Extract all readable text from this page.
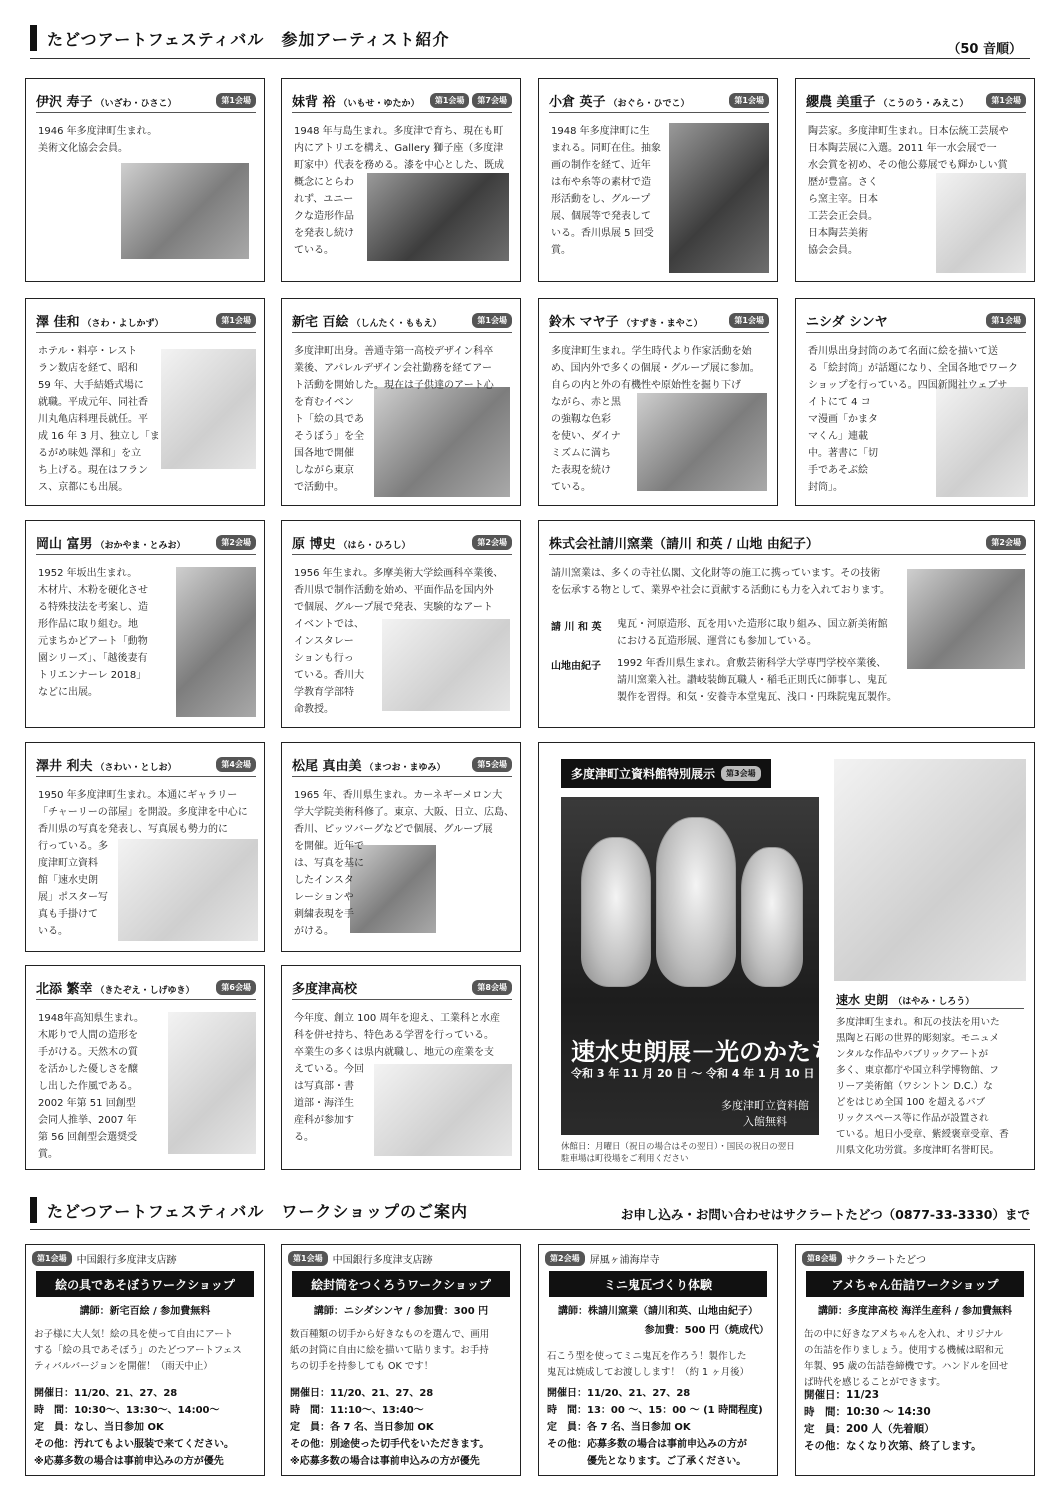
たどつアートフェスティバル　参加アーティスト紹介
（50 音順）
伊沢 寿子 （いざわ・ひさこ）	第1会場
1946 年多度津町生まれ。
美術文化協会会員。
妹背 裕 （いもせ・ゆたか）	第1会場	第7会場
1948 年与島生まれ。多度津で育ち、現在も町
内にアトリエを構え、Gallery 獅子座（多度津
町家中）代表を務める。漆を中心とした、既成
概念にとらわ
れず、ユニー
クな造形作品
を発表し続け
ている。
小倉 英子 （おぐら・ひでこ）	第1会場
1948 年多度津町に生
まれる。同町在住。抽象
画の制作を経て、近年
は布や糸等の素材で造
形活動をし、グループ
展、個展等で発表して
いる。香川県展 5 回受
賞。
纓農 美重子 （こうのう・みえこ）	第1会場
陶芸家。多度津町生まれ。日本伝統工芸展や
日本陶芸展に入選。2011 年一水会展で一
水会賞を初め、その他公募展でも輝かしい賞
歴が豊富。さく
ら窯主宰。日本
工芸会正会員。
日本陶芸美術
協会会員。
澤 佳和 （さわ・よしかず）	第1会場
ホテル・料亭・レスト
ラン数店を経て、昭和
59 年、大手結婚式場に
就職。平成元年、同社香
川丸亀店料理長就任。平
成 16 年 3 月、独立し「ま
るがめ味処 澤和」を立
ち上げる。現在はフラン
ス、京都にも出展。
新宅 百絵 （しんたく・ももえ）	第1会場
多度津町出身。善通寺第一高校デザイン科卒
業後、アパレルデザイン会社勤務を経てアー
ト活動を開始した。現在は子供達のアート心
を育むイベン
ト「絵の具であ
そうぼう」を全
国各地で開催
しながら東京
で活動中。
鈴木 マヤ子 （すずき・まやこ）	第1会場
多度津町生まれ。学生時代より作家活動を始
め、国内外で多くの個展・グループ展に参加。
自らの内と外の有機性や原始性を掘り下げ
ながら、赤と黒
の強靱な色彩
を使い、ダイナ
ミズムに満ち
た表現を続け
ている。
ニシダ シンヤ	第1会場
香川県出身封筒のあて名面に絵を描いて送
る「絵封筒」が話題になり、全国各地でワーク
ショップを行っている。四国新聞社ウェブサ
イトにて 4 コ
マ漫画「かまタ
マくん」連載
中。著書に「切
手であそぶ絵
封筒」。
岡山 富男 （おかやま・とみお）	第2会場
1952 年坂出生まれ。
木材片、木粉を硬化させ
る特殊技法を考案し、造
形作品に取り組む。地
元まちかどアート「動物
園シリーズ」、「越後妻有
トリエンナーレ 2018」
などに出展。
原 博史 （はら・ひろし）	第2会場
1956 年生まれ。多摩美術大学絵画科卒業後、
香川県で制作活動を始め、平面作品を国内外
で個展、グループ展で発表、実験的なアート
イベントでは、
インスタレー
ションも行っ
ている。香川大
学教育学部特
命教授。
澤井 利夫 （さわい・としお）	第4会場
1950 年多度津町生まれ。本通にギャラリー
「チャーリーの部屋」を開設。多度津を中心に
香川県の写真を発表し、写真展も勢力的に
行っている。多
度津町立資料
館「速水史朗
展」ポスター写
真も手掛けて
いる。
松尾 真由美 （まつお・まゆみ）	第5会場
1965 年、香川県生まれ。カーネギーメロン大
学大学院美術科修了。東京、大阪、日立、広島、
香川、ピッツバーグなどで個展、グループ展
を開催。近年で
は、写真を基に
したインスタ
レーションや
刺繍表現を手
がける。
北添 繁幸 （きたぞえ・しげゆき）	第6会場
1948年高知県生まれ。
木彫りで人間の造形を
手がける。天然木の質
を活かした優しさを醸
し出した作風である。
2002 年第 51 回創型
会同人推挙、2007 年
第 56 回創型会選奨受
賞。
多度津高校	第8会場
今年度、創立 100 周年を迎え、工業科と水産
科を併せ持ち、特色ある学習を行っている。
卒業生の多くは県内就職し、地元の産業を支
えている。今回
は写真部・書
道部・海洋生
産科が参加す
る。
株式会社請川窯業（請川 和英 / 山地 由紀子）	第2会場
請川窯業は、多くの寺社仏閣、文化財等の施工に携っています。その技術
を伝承する物として、業界や社会に貢献する活動にも力を入れております。
請 川 和 英 鬼瓦・河原造形、瓦を用いた造形に取り組み、国立新美術館
における瓦造形展、運営にも参加している。
山地由紀子 1992 年香川県生まれ。倉敷芸術科学大学専門学校卒業後、
請川窯業入社。讃岐装飾瓦職人・稲毛正則氏に師事し、鬼瓦
製作を習得。和気・安養寺本堂鬼瓦、浅口・円珠院鬼瓦製作。
多度津町立資料館特別展示	第3会場
速水史朗展－光のかたち－
令和 3 年 11 月 20 日 〜 令和 4 年 1 月 10 日
多度津町立資料館
入館無料
休館日：月曜日（祝日の場合はその翌日）・国民の祝日の翌日
駐車場は町役場をご利用ください
速水 史朗 （はやみ・しろう）
多度津町生まれ。和瓦の技法を用いた
黒陶と石彫の世界的彫刻家。モニュメ
ンタルな作品やパブリックアートが
多く、東京都庁や国立科学博物館、フ
リーア美術館（ワシントン D.C.）な
どをはじめ全国 100 を超えるパブ
リックスペース等に作品が設置され
ている。旭日小受章、紫綬褒章受章、香
川県文化功労賞。多度津町名誉町民。
たどつアートフェスティバル　ワークショップのご案内	お申し込み・お問い合わせはサクラートたどつ（0877-33-3330）まで
第1会場	中国銀行多度津支店跡
絵の具であそぼうワークショップ
講師：新宅百絵 / 参加費無料
お子様に大人気！絵の具を使って自由にアート
する「絵の具であそぼう」のたどつアートフェス
ティバルバージョンを開催！（雨天中止）
開催日：11/20、21、27、28
時　間：10:30〜、13:30〜、14:00〜
定　員：なし、当日参加 OK
その他：汚れてもよい服装で来てください。
※応募多数の場合は事前申込みの方が優先
第1会場	中国銀行多度津支店跡
絵封筒をつくろうワークショップ
講師：ニシダシンヤ / 参加費：300 円
数百種類の切手から好きなものを選んで、画用
紙の封筒に自由に絵を描いて貼ります。お手持
ちの切手を持参しても OK です！
開催日：11/20、21、27、28
時　間：11:10〜、13:40〜
定　員：各 7 名、当日参加 OK
その他：別途使った切手代をいただきます。
※応募多数の場合は事前申込みの方が優先
第2会場	屏風ヶ浦海岸寺
ミニ鬼瓦づくり体験
講師：株請川窯業（請川和英、山地由紀子）
参加費：500 円（焼成代）
石こう型を使ってミニ鬼瓦を作ろう！製作した
鬼瓦は焼成してお渡しします！（約 1 ヶ月後）
開催日：11/20、21、27、28
時　間：13：00 〜、15：00 〜 (1 時間程度)
定　員：各 7 名、当日参加 OK
その他：応募多数の場合は事前申込みの方が
　　　　優先となります。ご了承ください。
第8会場	サクラートたどつ
アメちゃん缶詰ワークショップ
講師：多度津高校 海洋生産科 / 参加費無料
缶の中に好きなアメちゃんを入れ、オリジナル
の缶詰を作りましょう。使用する機械は昭和元
年製、95 歳の缶詰巻締機です。ハンドルを回せ
ば時代を感じることができます。
開催日：11/23
時　間：10:30 〜 14:30
定　員：200 人（先着順）
その他：なくなり次第、終了します。
